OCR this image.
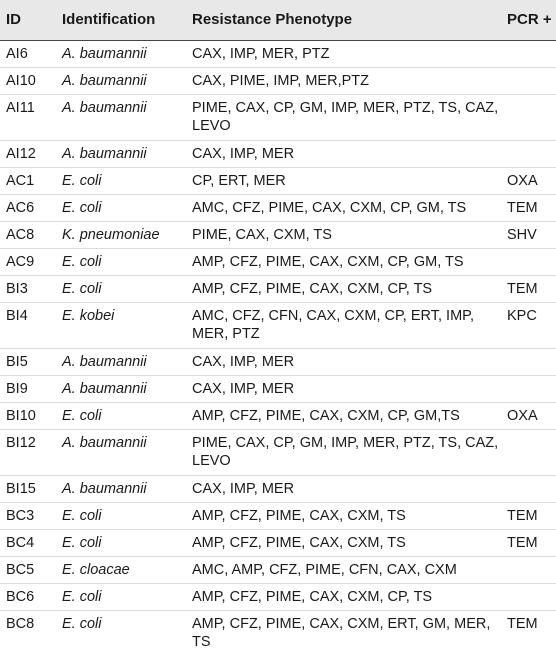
ID	Identification	Resistance Phenotype	PCR +
AI6	A. baumannii	CAX, IMP, MER, PTZ	
AI10	A. baumannii	CAX, PIME, IMP, MER,PTZ	
AI11	A. baumannii	PIME, CAX, CP, GM, IMP, MER, PTZ, TS, CAZ, LEVO	
AI12	A. baumannii	CAX, IMP, MER	
AC1	E. coli	CP, ERT, MER	OXA
AC6	E. coli	AMC, CFZ, PIME, CAX, CXM, CP, GM, TS	TEM
AC8	K. pneumoniae	PIME, CAX, CXM, TS	SHV
AC9	E. coli	AMP, CFZ, PIME, CAX, CXM, CP, GM, TS	
BI3	E. coli	AMP, CFZ, PIME, CAX, CXM, CP, TS	TEM
BI4	E. kobei	AMC, CFZ, CFN, CAX, CXM, CP, ERT, IMP, MER, PTZ	KPC
BI5	A. baumannii	CAX, IMP, MER	
BI9	A. baumannii	CAX, IMP, MER	
BI10	E. coli	AMP, CFZ, PIME, CAX, CXM, CP, GM,TS	OXA
BI12	A. baumannii	PIME, CAX, CP, GM, IMP, MER, PTZ, TS, CAZ, LEVO	
BI15	A. baumannii	CAX, IMP, MER	
BC3	E. coli	AMP, CFZ, PIME, CAX, CXM, TS	TEM
BC4	E. coli	AMP, CFZ, PIME, CAX, CXM, TS	TEM
BC5	E. cloacae	AMC, AMP, CFZ, PIME, CFN, CAX, CXM	
BC6	E. coli	AMP, CFZ, PIME, CAX, CXM, CP, TS	
BC8	E. coli	AMP, CFZ, PIME, CAX, CXM, ERT, GM, MER, TS	TEM
